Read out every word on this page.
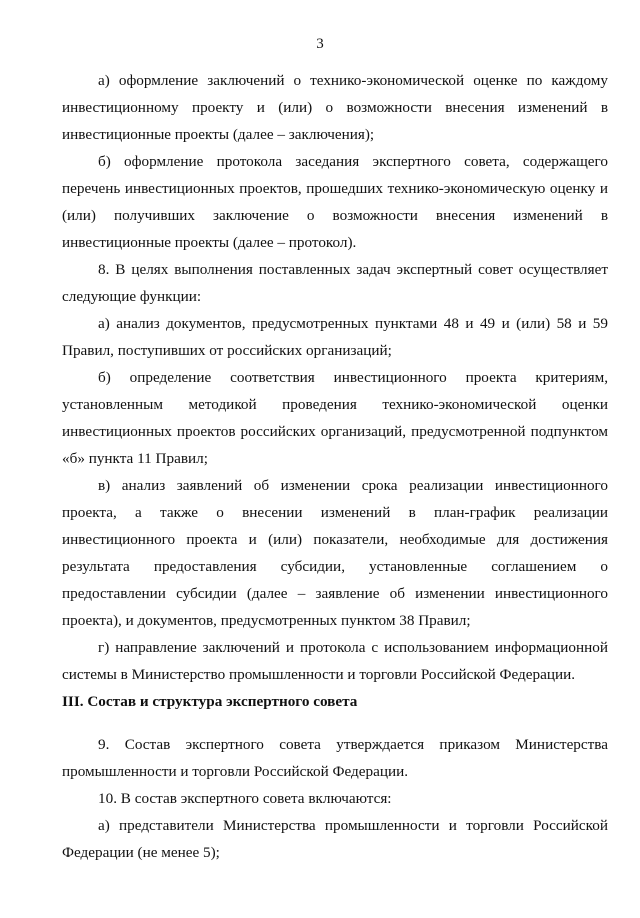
3

а) оформление заключений о технико-экономической оценке по каждому инвестиционному проекту и (или) о возможности внесения изменений в инвестиционные проекты (далее – заключения);

б) оформление протокола заседания экспертного совета, содержащего перечень инвестиционных проектов, прошедших технико-экономическую оценку и (или) получивших заключение о возможности внесения изменений в инвестиционные проекты (далее – протокол).

8. В целях выполнения поставленных задач экспертный совет осуществляет следующие функции:

а) анализ документов, предусмотренных пунктами 48 и 49 и (или) 58 и 59 Правил, поступивших от российских организаций;

б) определение соответствия инвестиционного проекта критериям, установленным методикой проведения технико-экономической оценки инвестиционных проектов российских организаций, предусмотренной подпунктом «б» пункта 11 Правил;

в) анализ заявлений об изменении срока реализации инвестиционного проекта, а также о внесении изменений в план-график реализации инвестиционного проекта и (или) показатели, необходимые для достижения результата предоставления субсидии, установленные соглашением о предоставлении субсидии (далее – заявление об изменении инвестиционного проекта), и документов, предусмотренных пунктом 38 Правил;

г) направление заключений и протокола с использованием информационной системы в Министерство промышленности и торговли Российской Федерации.

III. Состав и структура экспертного совета

9. Состав экспертного совета утверждается приказом Министерства промышленности и торговли Российской Федерации.

10. В состав экспертного совета включаются:

а) представители Министерства промышленности и торговли Российской Федерации (не менее 5);
